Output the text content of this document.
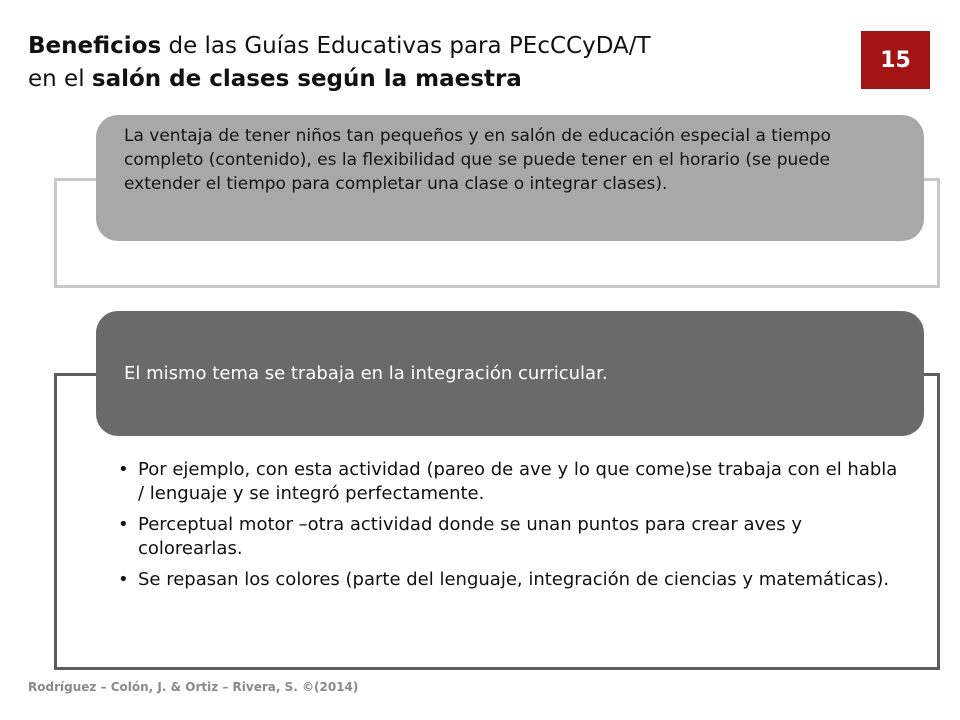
Beneficios de las Guías Educativas para PEcCCyDA/T
en el salón de clases según la maestra
15
La ventaja de tener niños tan pequeños y en salón de educación especial a tiempo completo (contenido), es la flexibilidad que se puede tener en el horario (se puede extender el tiempo para completar una clase o integrar clases).
El mismo tema se trabaja en la integración curricular.
• Por ejemplo, con esta actividad (pareo de ave y lo que come)se trabaja con el habla / lenguaje y se integró perfectamente.
• Perceptual motor –otra actividad donde se unan puntos para crear aves y colorearlas.
• Se repasan los colores (parte del lenguaje, integración de ciencias y matemáticas).
Rodríguez – Colón, J. & Ortiz – Rivera, S. ©(2014)
